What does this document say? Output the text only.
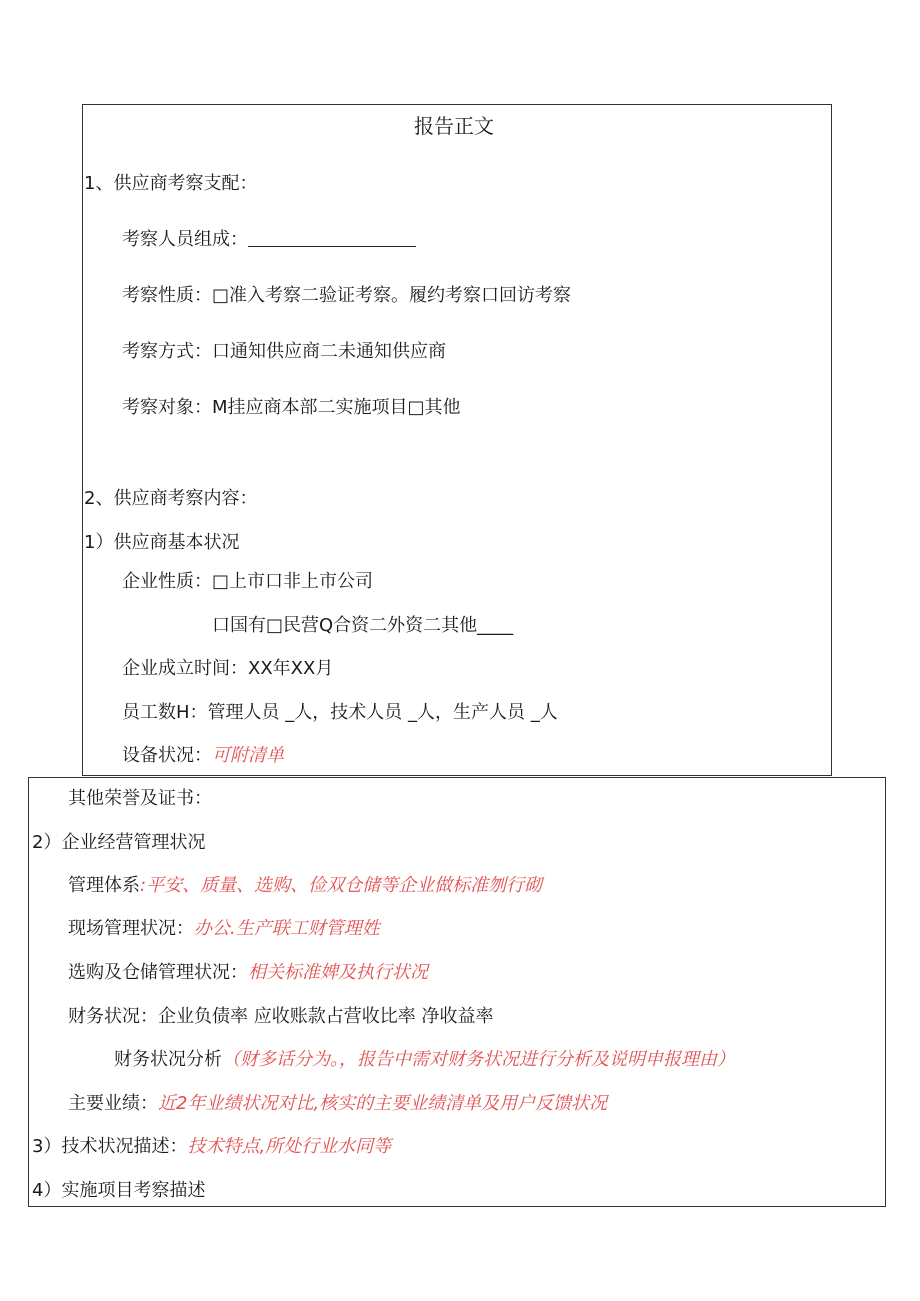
报告正文
1、供应商考察支配：
考察人员组成：
考察性质：□准入考察二验证考察。履约考察口回访考察
考察方式：口通知供应商二未通知供应商
考察对象：M挂应商本部二实施项目□其他
2、供应商考察内容：
1）供应商基本状况
企业性质：□上市口非上市公司
口国有□民营Q合资二外资二其他____
企业成立时间：XX年XX月
员工数H：管理人员 _人，技术人员 _人，生产人员 _人
设备状况：可附清单
其他荣誉及证书：
2）企业经营管理状况
管理体系:平安、质量、选购、俭双仓储等企业做标准刎行砌
现场管理状况：办公.生产联工财管理姓
选购及仓储管理状况：相关标准婢及执行状况
财务状况：企业负债率 应收账款占营收比率 净收益率
财务状况分析（财多话分为。，报告中需对财务状况进行分析及说明申报理由）
主要业绩：近2年业绩状况对比,核实的主要业绩清单及用户反馈状况
3）技术状况描述：技术特点,所处行业水同等
4）实施项目考察描述
